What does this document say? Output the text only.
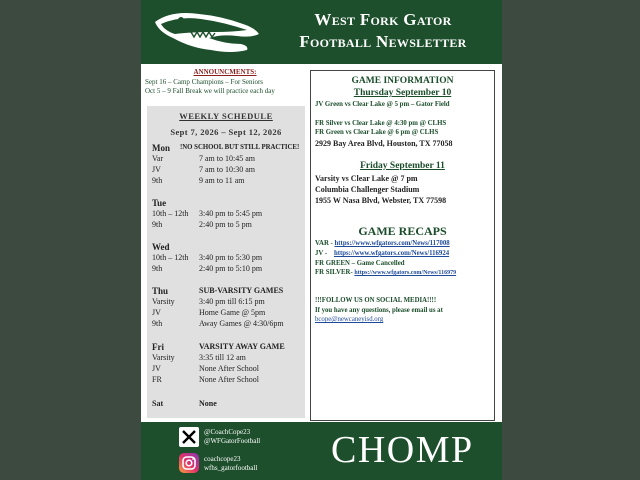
West Fork Gator
Football Newsletter
ANNOUNCMENTS:
Sept 16 – Camp Champions – For Seniors
Oct 5 – 9 Fall Break we will practice each day
WEEKLY SCHEDULE
Sept 7, 2026 – Sept 12, 2026
Mon !NO SCHOOL BUT STILL PRACTICE!
Var	7 am to 10:45 am
JV	7 am to 10:30 am
9th	9 am to 11 am
Tue
10th – 12th 3:40 pm to 5:45 pm
9th	2:40 pm to 5 pm
Wed
10th – 12th 3:40 pm to 5:30 pm
9th	2:40 pm to 5:10 pm
Thu	SUB-VARSITY GAMES
Varsity	3:40 pm till 6:15 pm
JV	Home Game @ 5pm
9th	Away Games @ 4:30/6pm
Fri	VARSITY AWAY GAME
Varsity	3:35 till 12 am
JV	None After School
FR	None After School
Sat	None
GAME INFORMATION
Thursday September 10
JV Green vs Clear Lake @ 5 pm – Gator Field
FR Silver vs Clear Lake @ 4:30 pm @ CLHS
FR Green vs Clear Lake @ 6 pm @ CLHS
2929 Bay Area Blvd, Houston, TX 77058
Friday September 11
Varsity vs Clear Lake @ 7 pm
Columbia Challenger Stadium
1955 W Nasa Blvd, Webster, TX 77598
GAME RECAPS
VAR - https://www.wfgators.com/News/117008
JV -    https://www.wfgators.com/News/116924
FR GREEN – Game Cancelled
FR SILVER- https://www.wfgators.com/News/116979
!!!FOLLOW US ON SOCIAL MEDIA!!!!
If you have any questions, please email us at
bcope@newcaneyisd.org
@CoachCope23
@WFGatorFootball
coachcope23
wfhs_gatorfootball CHOMP
